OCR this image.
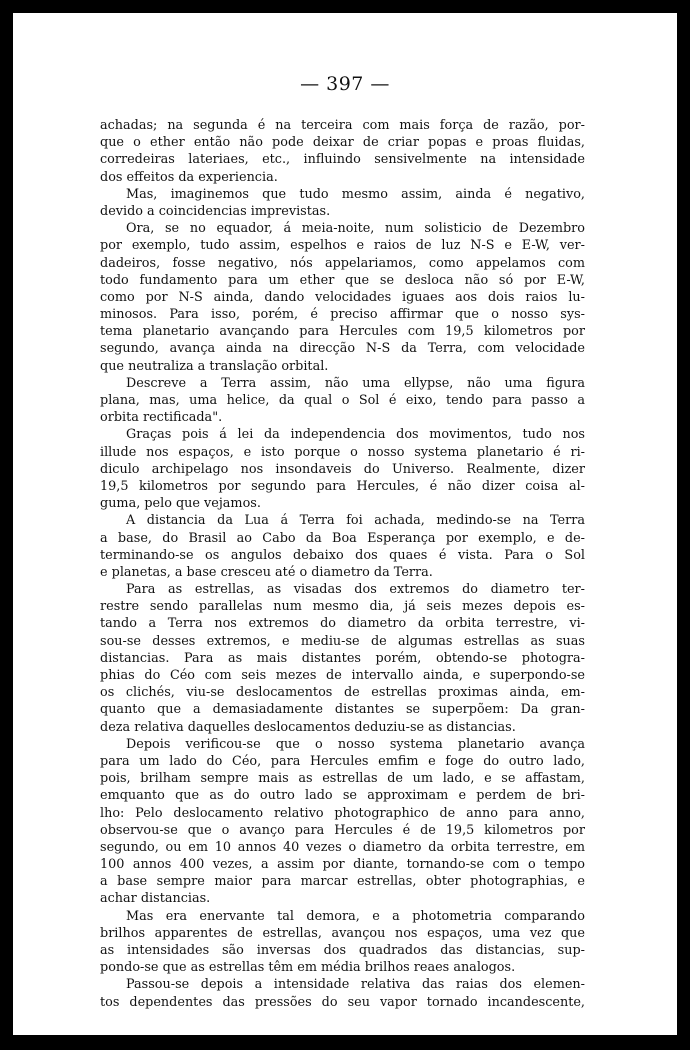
— 397 —
achadas; na segunda é na terceira com mais força de razão, por-
que o ether então não pode deixar de criar popas e proas fluidas,
corredeiras lateriaes, etc., influindo sensivelmente na intensidade
dos effeitos da experiencia.
Mas, imaginemos que tudo mesmo assim, ainda é negativo,
devido a coincidencias imprevistas.
Ora, se no equador, á meia-noite, num solisticio de Dezembro
por exemplo, tudo assim, espelhos e raios de luz N-S e E-W, ver-
dadeiros, fosse negativo, nós appelariamos, como appelamos com
todo fundamento para um ether que se desloca não só por E-W,
como por N-S ainda, dando velocidades iguaes aos dois raios lu-
minosos. Para isso, porém, é preciso affirmar que o nosso sys-
tema planetario avançando para Hercules com 19,5 kilometros por
segundo, avança ainda na direcção N-S da Terra, com velocidade
que neutraliza a translação orbital.
Descreve a Terra assim, não uma ellypse, não uma figura
plana, mas, uma helice, da qual o Sol é eixo, tendo para passo a
orbita rectificada".
Graças pois á lei da independencia dos movimentos, tudo nos
illude nos espaços, e isto porque o nosso systema planetario é ri-
diculo archipelago nos insondaveis do Universo. Realmente, dizer
19,5 kilometros por segundo para Hercules, é não dizer coisa al-
guma, pelo que vejamos.
A distancia da Lua á Terra foi achada, medindo-se na Terra
a base, do Brasil ao Cabo da Boa Esperança por exemplo, e de-
terminando-se os angulos debaixo dos quaes é vista. Para o Sol
e planetas, a base cresceu até o diametro da Terra.
Para as estrellas, as visadas dos extremos do diametro ter-
restre sendo parallelas num mesmo dia, já seis mezes depois es-
tando a Terra nos extremos do diametro da orbita terrestre, vi-
sou-se desses extremos, e mediu-se de algumas estrellas as suas
distancias. Para as mais distantes porém, obtendo-se photogra-
phias do Céo com seis mezes de intervallo ainda, e superpondo-se
os clichés, viu-se deslocamentos de estrellas proximas ainda, em-
quanto que a demasiadamente distantes se superpõem: Da gran-
deza relativa daquelles deslocamentos deduziu-se as distancias.
Depois verificou-se que o nosso systema planetario avança
para um lado do Céo, para Hercules emfim e foge do outro lado,
pois, brilham sempre mais as estrellas de um lado, e se affastam,
emquanto que as do outro lado se approximam e perdem de bri-
lho: Pelo deslocamento relativo photographico de anno para anno,
observou-se que o avanço para Hercules é de 19,5 kilometros por
segundo, ou em 10 annos 40 vezes o diametro da orbita terrestre, em
100 annos 400 vezes, a assim por diante, tornando-se com o tempo
a base sempre maior para marcar estrellas, obter photographias, e
achar distancias.
Mas era enervante tal demora, e a photometria comparando
brilhos apparentes de estrellas, avançou nos espaços, uma vez que
as intensidades são inversas dos quadrados das distancias, sup-
pondo-se que as estrellas têm em média brilhos reaes analogos.
Passou-se depois a intensidade relativa das raias dos elemen-
tos dependentes das pressões do seu vapor tornado incandescente,
